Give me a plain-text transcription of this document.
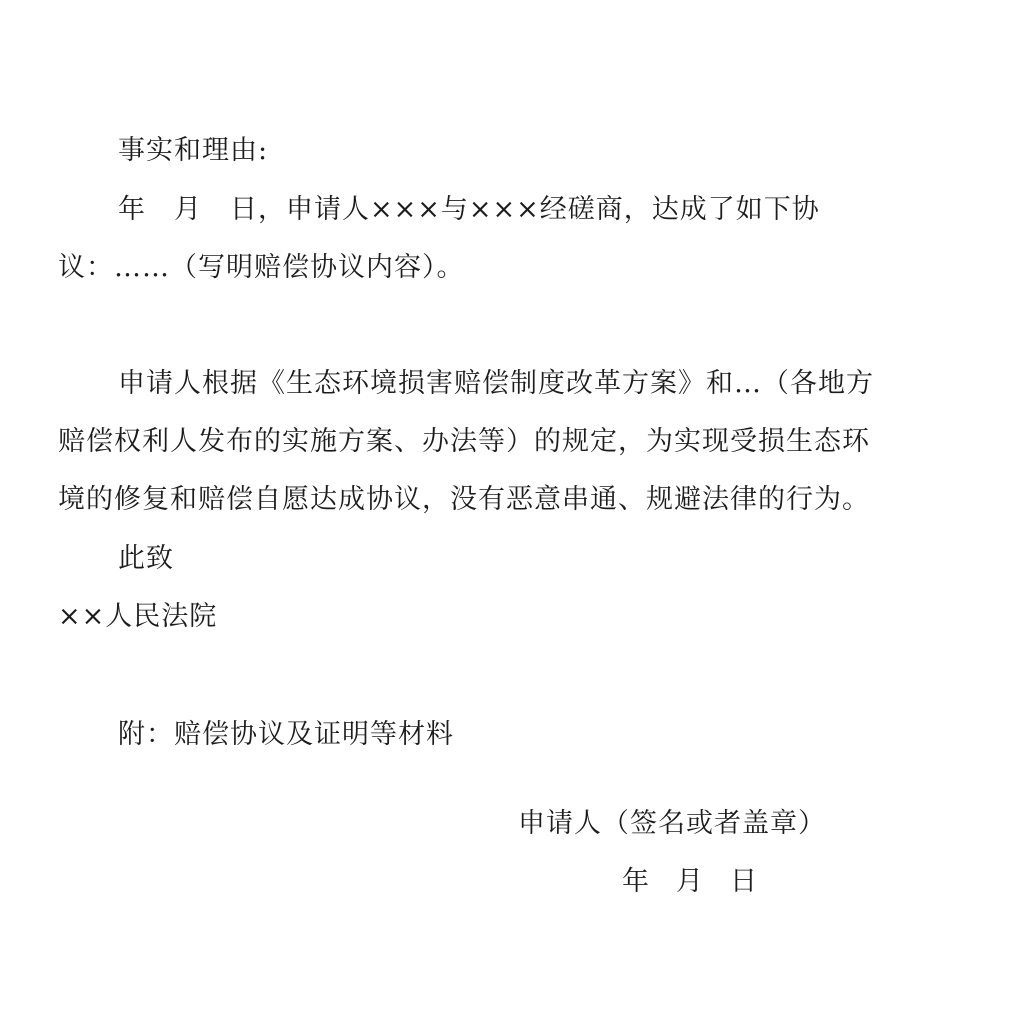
事实和理由:
年　月　日，申请人×××与×××经磋商，达成了如下协
议：……（写明赔偿协议内容）。
申请人根据《生态环境损害赔偿制度改革方案》和…（各地方
赔偿权利人发布的实施方案、办法等）的规定，为实现受损生态环
境的修复和赔偿自愿达成协议，没有恶意串通、规避法律的行为。
此致
××人民法院
附：赔偿协议及证明等材料
申请人（签名或者盖章）
年　月　日
